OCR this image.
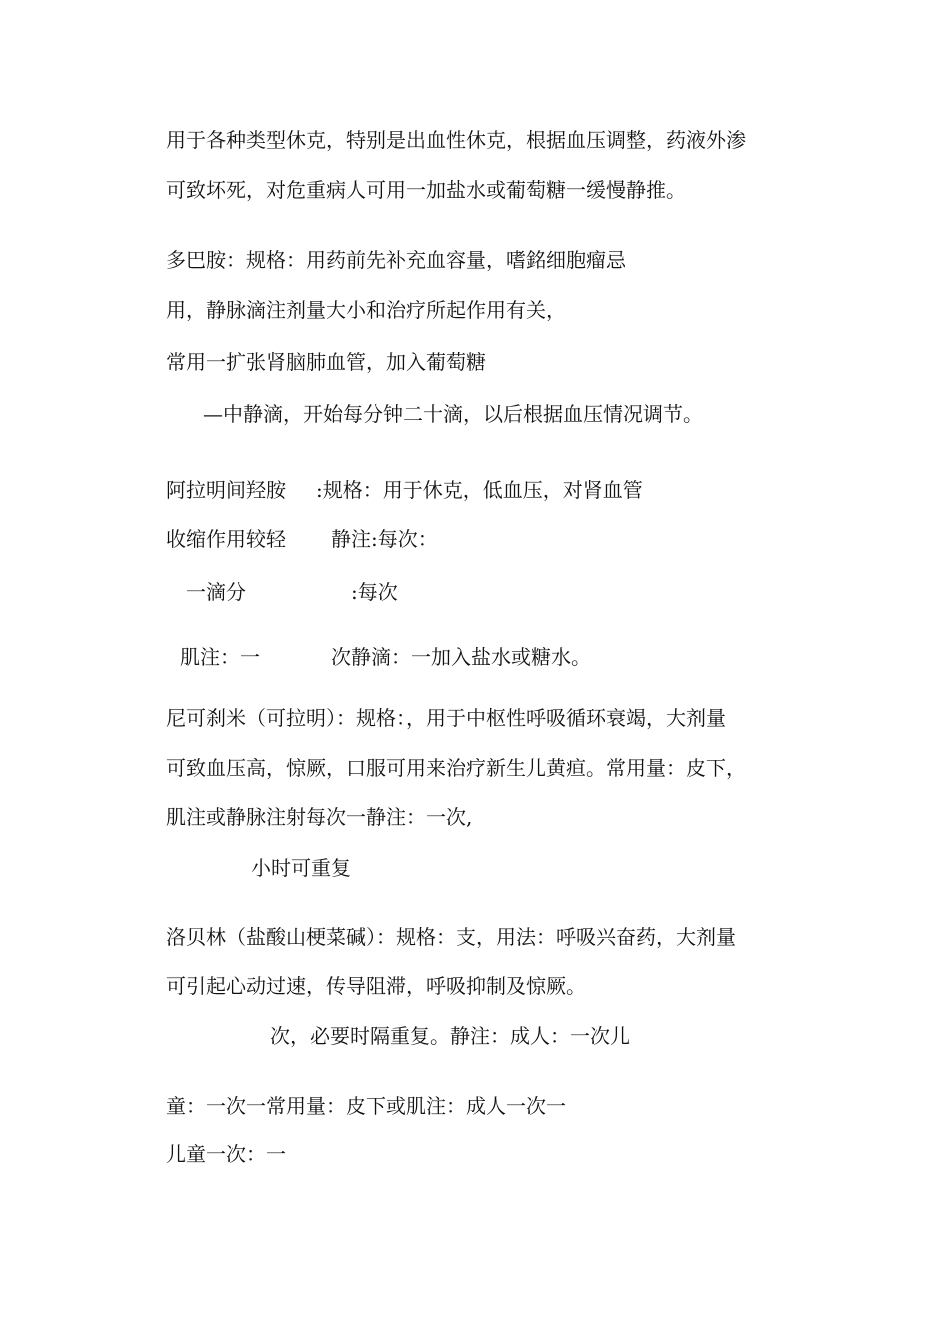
用于各种类型休克，特别是出血性休克，根据血压调整，药液外渗
可致坏死，对危重病人可用一加盐水或葡萄糖一缓慢静推。
多巴胺：规格：用药前先补充血容量，嗜銘细胞瘤忌
用，静脉滴注剂量大小和治疗所起作用有关，
常用一扩张肾脑肺血管，加入葡萄糖
—中静滴，开始每分钟二十滴，以后根据血压情况调节。
阿拉明间羟胺 :规格：用于休克，低血压，对肾血管
收缩作用较轻 静注:每次：
一滴分	:每次
肌注：一	次静滴：一加入盐水或糖水。
尼可刹米（可拉明）：规格：，用于中枢性呼吸循环衰竭，大剂量
可致血压高，惊厥，口服可用来治疗新生儿黄疸。常用量：皮下，
肌注或静脉注射每次一静注：一次,
小时可重复
洛贝林（盐酸山梗菜碱）：规格：支，用法：呼吸兴奋药，大剂量
可引起心动过速，传导阻滞，呼吸抑制及惊厥。
次，必要时隔重复。静注：成人：一次儿
童：一次一常用量：皮下或肌注：成人一次一
儿童一次：一
